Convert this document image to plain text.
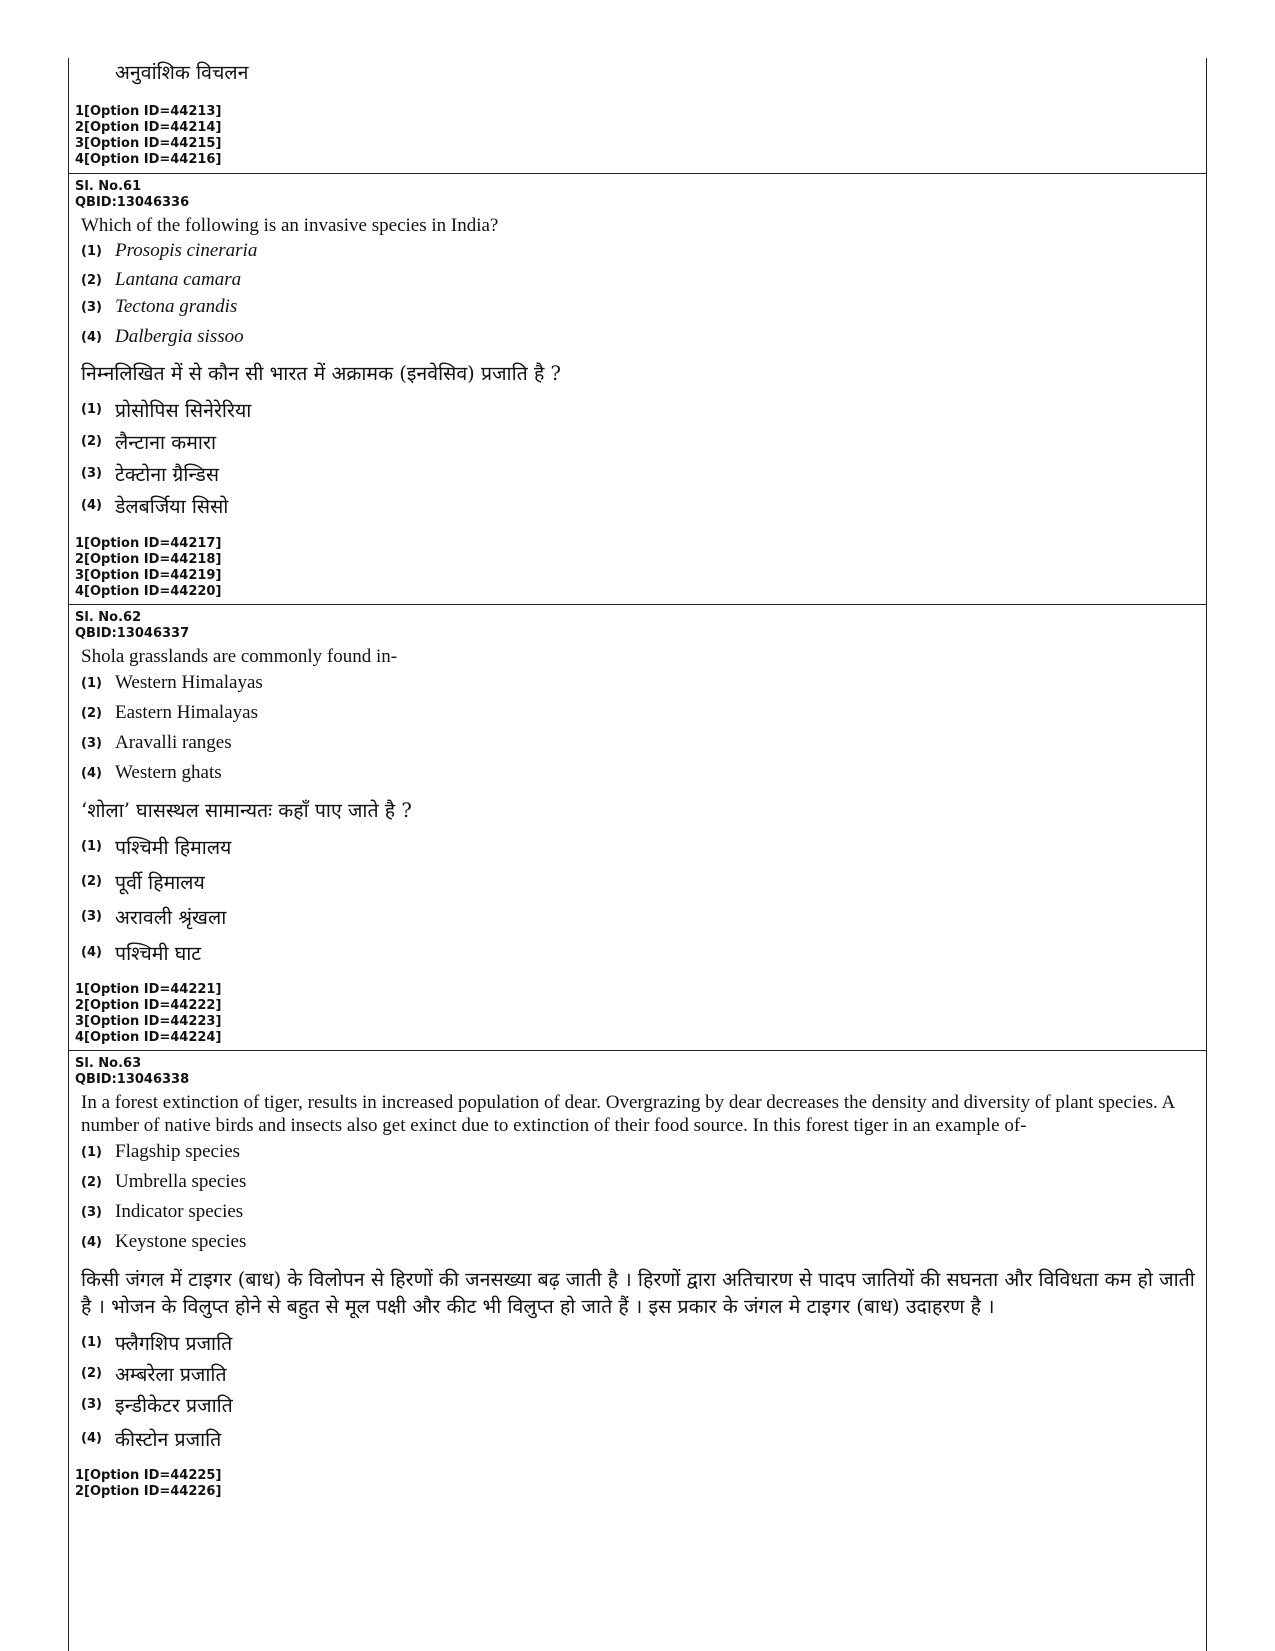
अनुवांशिक विचलन
1[Option ID=44213]
2[Option ID=44214]
3[Option ID=44215]
4[Option ID=44216]
Sl. No.61
QBID:13046336
Which of the following is an invasive species in India?
(1) Prosopis cineraria
(2) Lantana camara
(3) Tectona grandis
(4) Dalbergia sissoo
निम्नलिखित में से कौन सी भारत में अक्रामक (इनवेसिव) प्रजाति है ?
(1) प्रोसोपिस सिनेरेरिया
(2) लैन्टाना कमारा
(3) टेक्टोना ग्रैन्डिस
(4) डेलबर्जिया सिसो
1[Option ID=44217]
2[Option ID=44218]
3[Option ID=44219]
4[Option ID=44220]
Sl. No.62
QBID:13046337
Shola grasslands are commonly found in-
(1) Western Himalayas
(2) Eastern Himalayas
(3) Aravalli ranges
(4) Western ghats
‘शोला’ घासस्थल सामान्यतः कहाँ पाए जाते है ?
(1) पश्चिमी हिमालय
(2) पूर्वी हिमालय
(3) अरावली श्रृंखला
(4) पश्चिमी घाट
1[Option ID=44221]
2[Option ID=44222]
3[Option ID=44223]
4[Option ID=44224]
Sl. No.63
QBID:13046338
In a forest extinction of tiger, results in increased population of dear. Overgrazing by dear decreases the density and diversity of plant species. A number of native birds and insects also get exinct due to extinction of their food source. In this forest tiger in an example of-
(1) Flagship species
(2) Umbrella species
(3) Indicator species
(4) Keystone species
किसी जंगल में टाइगर (बाध) के विलोपन से हिरणों की जनसख्या बढ़ जाती है । हिरणों द्वारा अतिचारण से पादप जातियों की सघनता और विविधता कम हो जाती है । भोजन के विलुप्त होने से बहुत से मूल पक्षी और कीट भी विलुप्त हो जाते हैं । इस प्रकार के जंगल मे टाइगर (बाध) उदाहरण है ।
(1) फ्लैगशिप प्रजाति
(2) अम्बरेला प्रजाति
(3) इन्डीकेटर प्रजाति
(4) कीस्टोन प्रजाति
1[Option ID=44225]
2[Option ID=44226]
